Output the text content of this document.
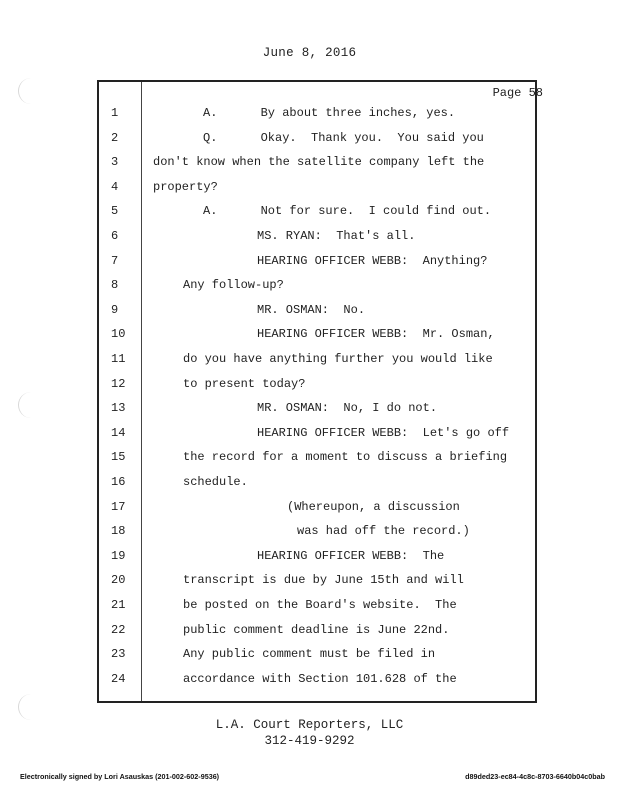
June 8, 2016
Page 58
1	A.      By about three inches, yes.
2	Q.      Okay.  Thank you.  You said you
3	don't know when the satellite company left the
4	property?
5	A.      Not for sure.  I could find out.
6	MS. RYAN:  That's all.
7	HEARING OFFICER WEBB:  Anything?
8	Any follow-up?
9	MR. OSMAN:  No.
10	HEARING OFFICER WEBB:  Mr. Osman,
11	do you have anything further you would like
12	to present today?
13	MR. OSMAN:  No, I do not.
14	HEARING OFFICER WEBB:  Let's go off
15	the record for a moment to discuss a briefing
16	schedule.
17	(Whereupon, a discussion
18	was had off the record.)
19	HEARING OFFICER WEBB:  The
20	transcript is due by June 15th and will
21	be posted on the Board's website.  The
22	public comment deadline is June 22nd.
23	Any public comment must be filed in
24	accordance with Section 101.628 of the
L.A. Court Reporters, LLC
312-419-9292
Electronically signed by Lori Asauskas (201-002-602-9536)	d89ded23-ec84-4c8c-8703-6640b04c0bab
